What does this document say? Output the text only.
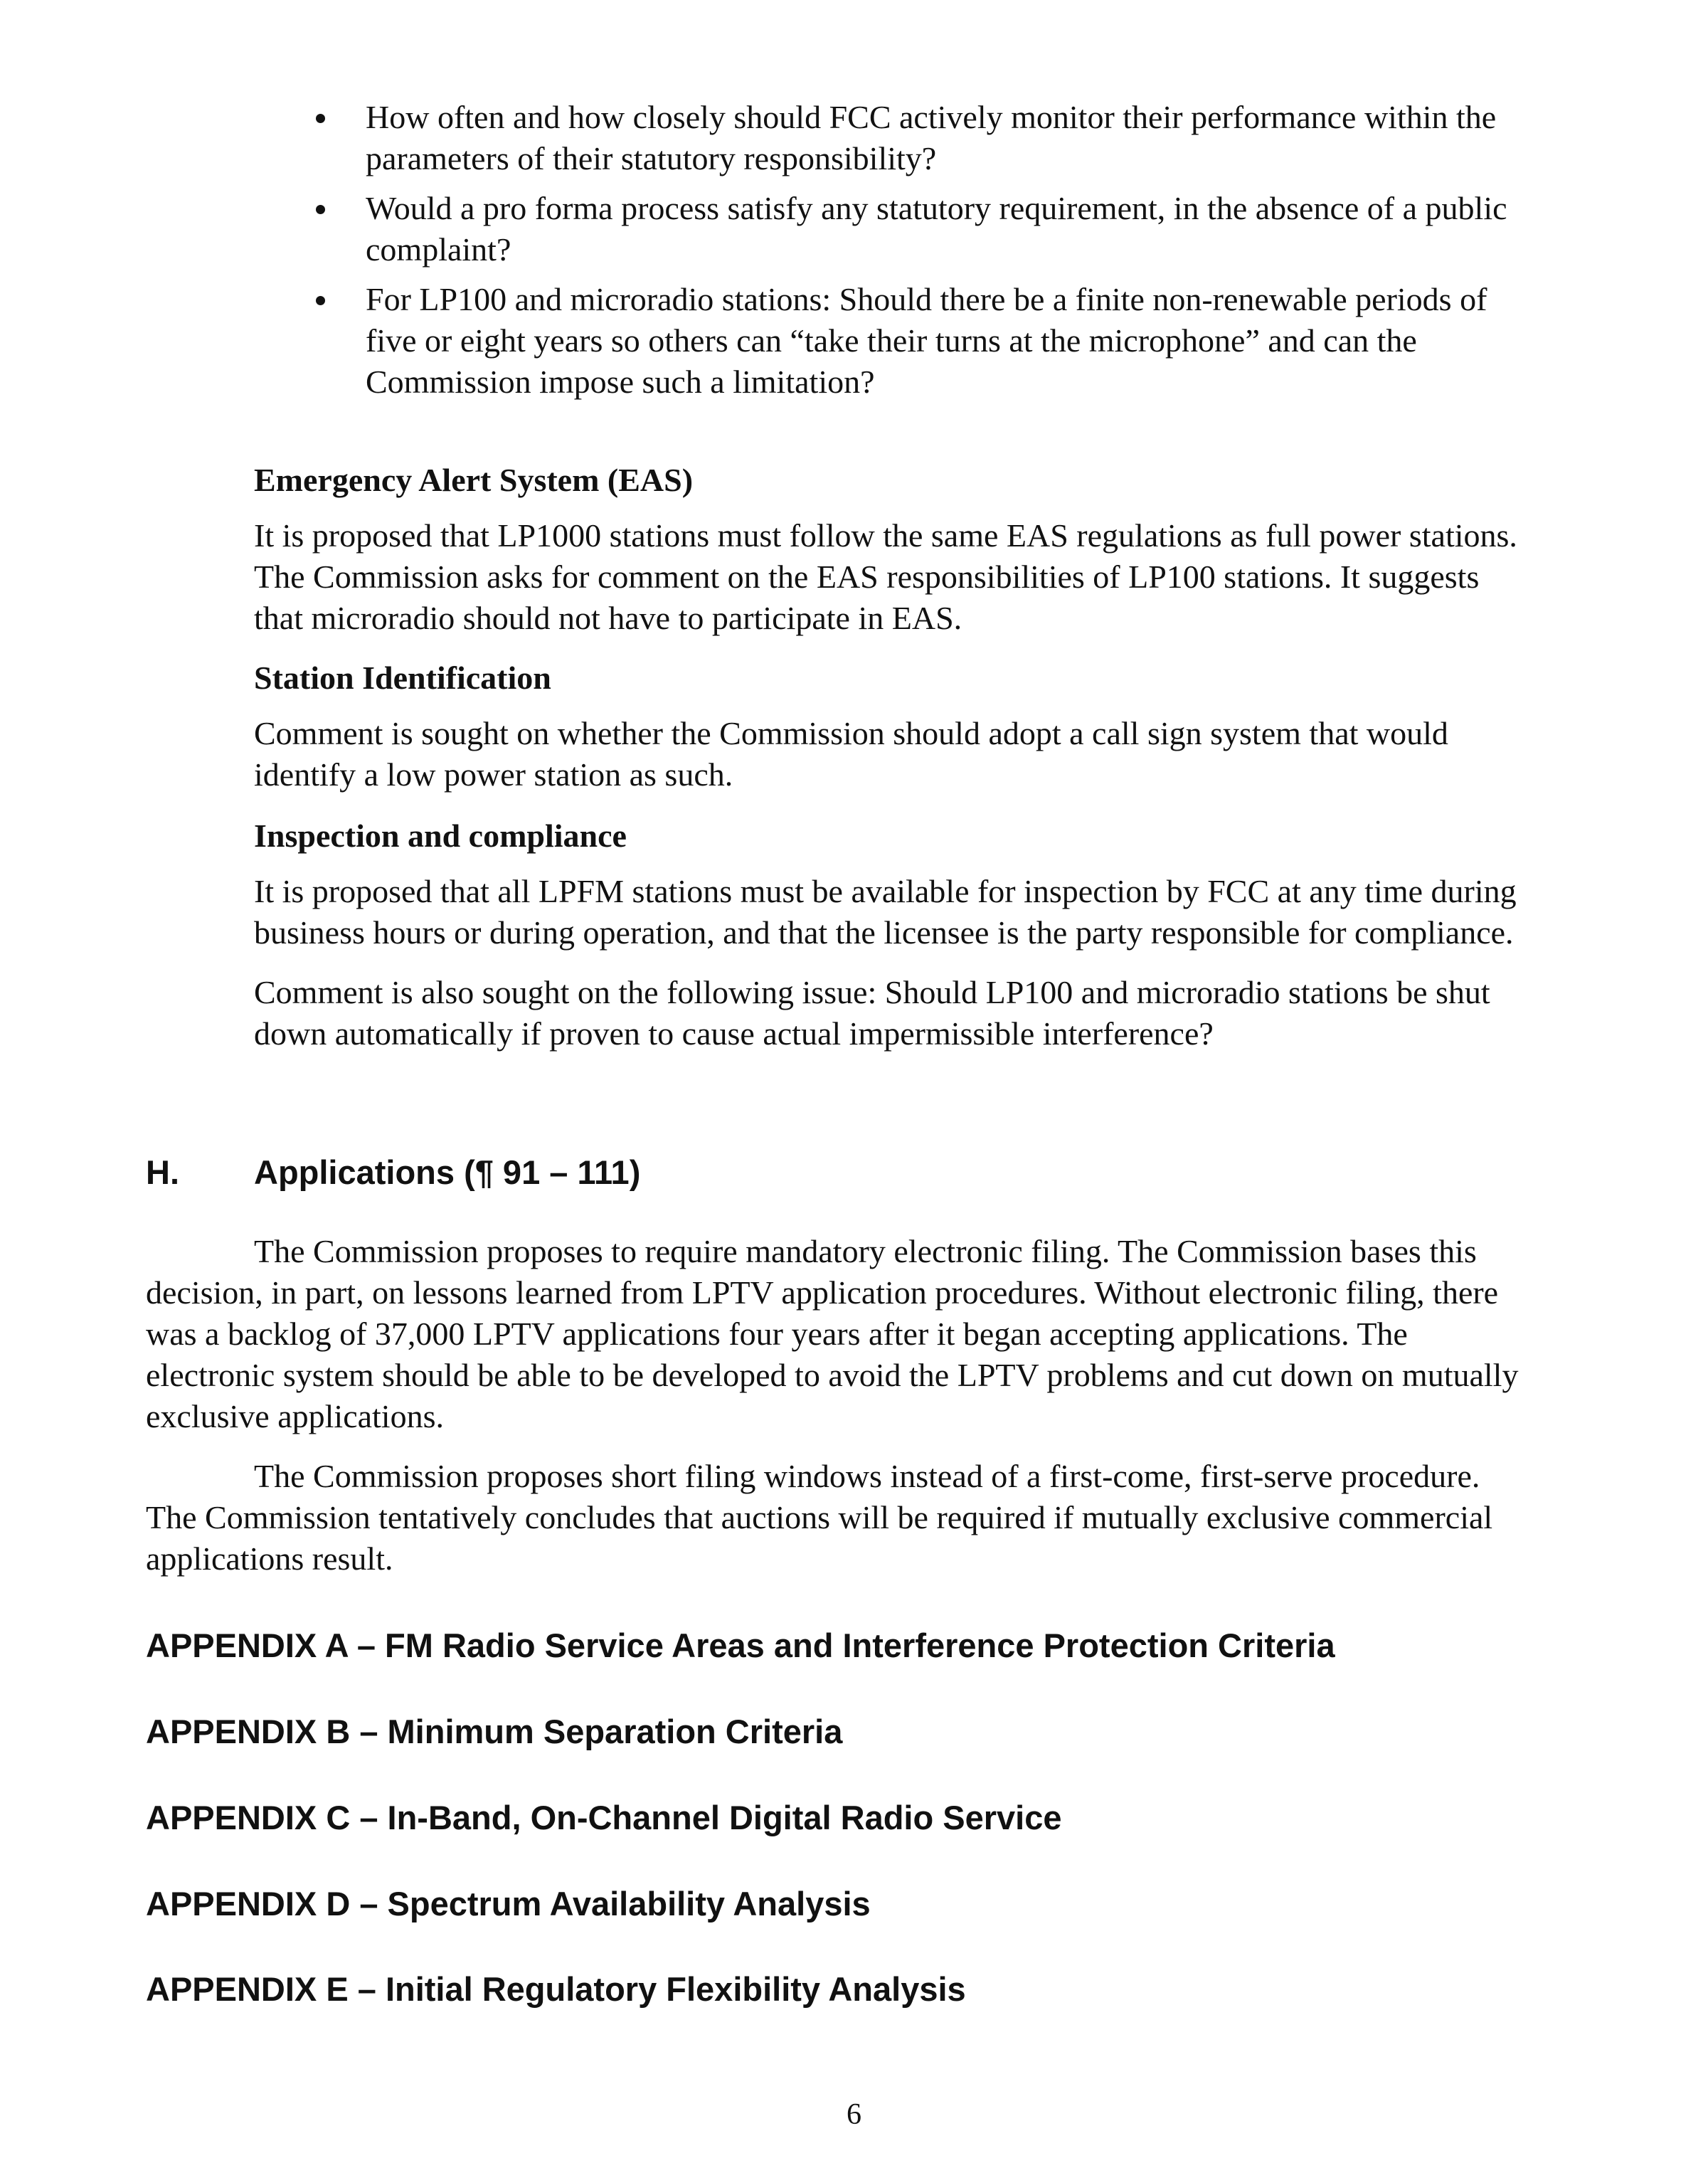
How often and how closely should FCC actively monitor their performance within the parameters of their statutory responsibility?
Would a pro forma process satisfy any statutory requirement, in the absence of a public complaint?
For LP100 and microradio stations: Should there be a finite non-renewable periods of five or eight years so others can “take their turns at the microphone” and can the Commission impose such a limitation?
Emergency Alert System (EAS)
It is proposed that LP1000 stations must follow the same EAS regulations as full power stations. The Commission asks for comment on the EAS responsibilities of LP100 stations. It suggests that microradio should not have to participate in EAS.
Station Identification
Comment is sought on whether the Commission should adopt a call sign system that would identify a low power station as such.
Inspection and compliance
It is proposed that all LPFM stations must be available for inspection by FCC at any time during business hours or during operation, and that the licensee is the party responsible for compliance.
Comment is also sought on the following issue: Should LP100 and microradio stations be shut down automatically if proven to cause actual impermissible interference?
H. Applications (¶ 91 – 111)

The Commission proposes to require mandatory electronic filing. The Commission bases this decision, in part, on lessons learned from LPTV application procedures. Without electronic filing, there was a backlog of 37,000 LPTV applications four years after it began accepting applications. The electronic system should be able to be developed to avoid the LPTV problems and cut down on mutually exclusive applications.

The Commission proposes short filing windows instead of a first-come, first-serve procedure. The Commission tentatively concludes that auctions will be required if mutually exclusive commercial applications result.

APPENDIX A – FM Radio Service Areas and Interference Protection Criteria
APPENDIX B – Minimum Separation Criteria
APPENDIX C – In-Band, On-Channel Digital Radio Service
APPENDIX D – Spectrum Availability Analysis
APPENDIX E – Initial Regulatory Flexibility Analysis
6
